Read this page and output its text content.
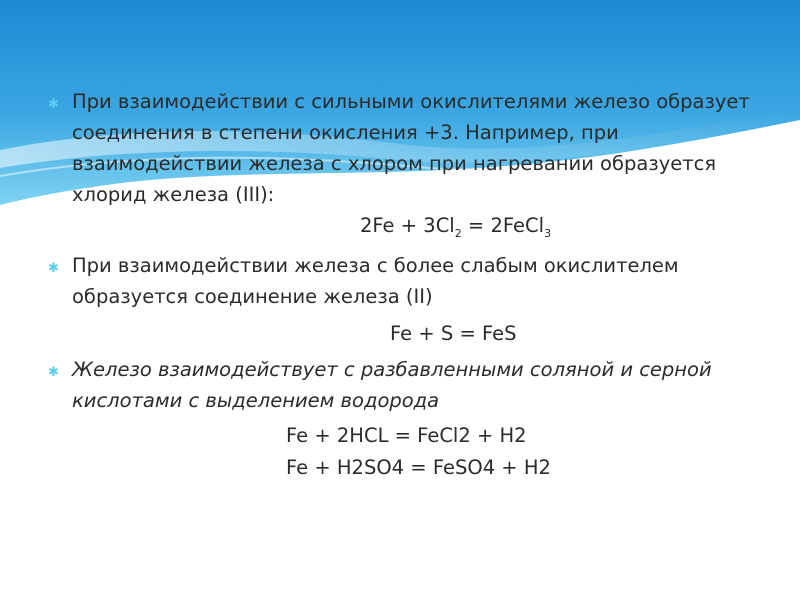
✱ При взаимодействии с сильными окислителями железо образует соединения в степени окисления +3. Например, при взаимодействии железа с хлором при нагревании образуется хлорид железа (III):

$2Fe + 3Cl_2$ = 2FeCl$_3$

✱ При взаимодействии железа с более слабым окислителем образуется соединение железа (II)

Fe + S = FeS

✱ Железо взаимодействует с разбавленными соляной и серной кислотами с выделением водорода

Fe + 2HCL = FeCl2 + H2

Fe + H2SO4 = FeSO4 + H2
